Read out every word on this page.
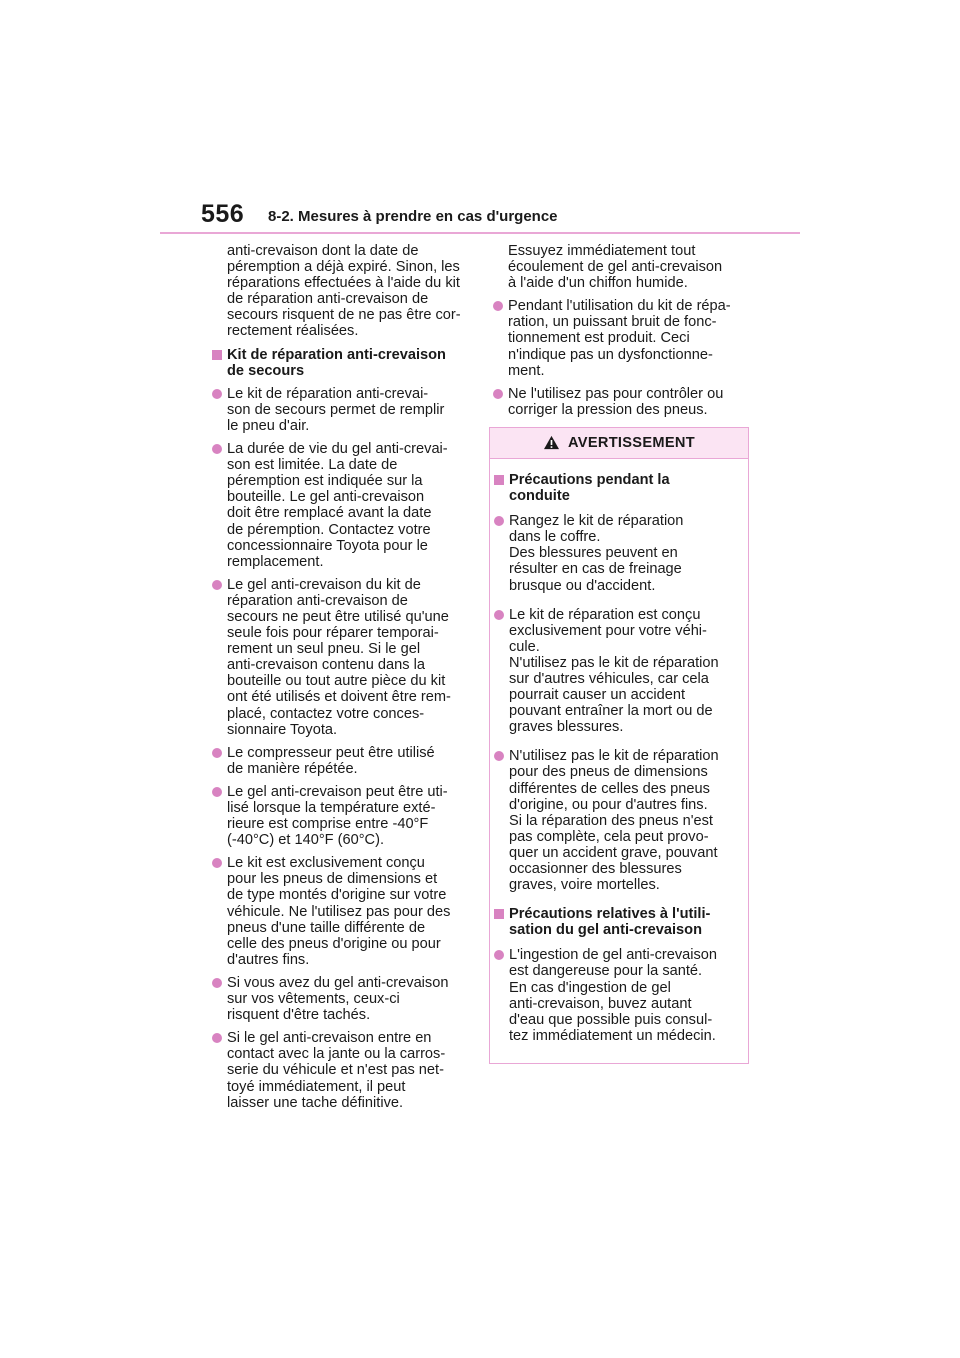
556 8-2. Mesures à prendre en cas d'urgence
anti-crevaison dont la date de
péremption a déjà expiré. Sinon, les
réparations effectuées à l'aide du kit
de réparation anti-crevaison de
secours risquent de ne pas être cor-
rectement réalisées.
Kit de réparation anti-crevaison
de secours
Le kit de réparation anti-crevai-
son de secours permet de remplir
le pneu d'air.
La durée de vie du gel anti-crevai-
son est limitée. La date de
péremption est indiquée sur la
bouteille. Le gel anti-crevaison
doit être remplacé avant la date
de péremption. Contactez votre
concessionnaire Toyota pour le
remplacement.
Le gel anti-crevaison du kit de
réparation anti-crevaison de
secours ne peut être utilisé qu'une
seule fois pour réparer temporai-
rement un seul pneu. Si le gel
anti-crevaison contenu dans la
bouteille ou tout autre pièce du kit
ont été utilisés et doivent être rem-
placé, contactez votre conces-
sionnaire Toyota.
Le compresseur peut être utilisé
de manière répétée.
Le gel anti-crevaison peut être uti-
lisé lorsque la température exté-
rieure est comprise entre -40°F
(-40°C) et 140°F (60°C).
Le kit est exclusivement conçu
pour les pneus de dimensions et
de type montés d'origine sur votre
véhicule. Ne l'utilisez pas pour des
pneus d'une taille différente de
celle des pneus d'origine ou pour
d'autres fins.
Si vous avez du gel anti-crevaison
sur vos vêtements, ceux-ci
risquent d'être tachés.
Si le gel anti-crevaison entre en
contact avec la jante ou la carros-
serie du véhicule et n'est pas net-
toyé immédiatement, il peut
laisser une tache définitive.
Essuyez immédiatement tout
écoulement de gel anti-crevaison
à l'aide d'un chiffon humide.
Pendant l'utilisation du kit de répa-
ration, un puissant bruit de fonc-
tionnement est produit. Ceci
n'indique pas un dysfonctionne-
ment.
Ne l'utilisez pas pour contrôler ou
corriger la pression des pneus.
AVERTISSEMENT
Précautions pendant la
conduite
Rangez le kit de réparation
dans le coffre.
Des blessures peuvent en
résulter en cas de freinage
brusque ou d'accident.
Le kit de réparation est conçu
exclusivement pour votre véhi-
cule.
N'utilisez pas le kit de réparation
sur d'autres véhicules, car cela
pourrait causer un accident
pouvant entraîner la mort ou de
graves blessures.
N'utilisez pas le kit de réparation
pour des pneus de dimensions
différentes de celles des pneus
d'origine, ou pour d'autres fins.
Si la réparation des pneus n'est
pas complète, cela peut provo-
quer un accident grave, pouvant
occasionner des blessures
graves, voire mortelles.
Précautions relatives à l'utili-
sation du gel anti-crevaison
L'ingestion de gel anti-crevaison
est dangereuse pour la santé.
En cas d'ingestion de gel
anti-crevaison, buvez autant
d'eau que possible puis consul-
tez immédiatement un médecin.
